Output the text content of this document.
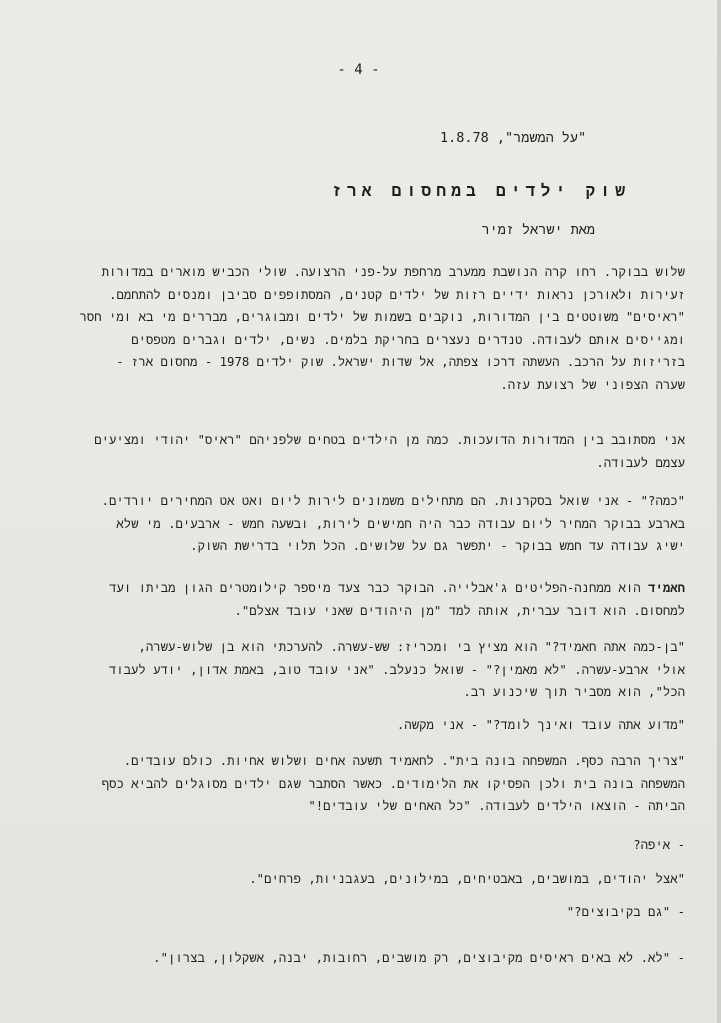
- 4 -
"על המשמר", 1.8.78
שוק ילדים במחסום ארז
מאת ישראל זמיר

שלוש בבוקר. רחו קרה הנושבת ממערב מרחפת על-פני הרצועה. שולי הכביש מוארים במדורות

זעירות ולאורכן נראות ידיים רזות של ילדים קטנים, המסתופפים סביבן ומנסים להתחמם.

"ראיסים" משוטטים בין המדורות, נוקבים בשמות של ילדים ומבוגרים, מבררים מי בא ומי חסר

ומגייסים אותם לעבודה. טנדרים נעצרים בחריקת בלמים. נשים, ילדים וגברים מטפסים

בזריזות על הרכב. העשתה דרכו צפתה, אל שדות ישראל. שוק ילדים 1978 - מחסום ארז -

שערה הצפוני של רצועת עזה.

אני מסתובב בין המדורות הדועכות. כמה מן הילדים בטחים שלפניהם "ראיס" יהודי ומציעים

עצמם לעבודה.

"כמה?" - אני שואל בסקרנות. הם מתחילים משמונים לירות ליום ואט אט המחירים יורדים.

בארבע בבוקר המחיר ליום עבודה כבר היה חמישים לירות, ובשעה חמש - ארבעים. מי שלא

ישיג עבודה עד חמש בבוקר - יתפשר גם על שלושים. הכל תלוי בדרישת השוק.

חאמיד הוא ממחנה-הפליטים ג'אבלייה. הבוקר כבר צעד מיספר קילומטרים הגון מביתו ועד

למחסום. הוא דובר עברית, אותה למד "מן היהודים שאני עובד אצלם".

"בן-כמה אתה חאמיד?" הוא מציץ בי ומכריז: שש-עשרה. להערכתי הוא בן שלוש-עשרה,

אולי ארבע-עשרה. "לא מאמין?" - שואל כנעלב. "אני עובד טוב, באמת אדון, יודע לעבוד

הכל", הוא מסביר תוך שיכנוע רב.

"מדוע אתה עובד ואינך לומד?" - אני מקשה.

"צריך הרבה כסף. המשפחה בונה בית". לחאמיד תשעה אחים ושלוש אחיות. כולם עובדים.

המשפחה בונה בית ולכן הפסיקו את הלימודים. כאשר הסתבר שגם ילדים מסוגלים להביא כסף

הביתה - הוצאו הילדים לעבודה. "כל האחים שלי עובדים!"

- איפה?

"אצל יהודים, במושבים, באבטיחים, במילונים, בעגבניות, פרחים".

- "גם בקיבוצים?"

- "לא. לא באים ראיסים מקיבוצים, רק מושבים, רחובות, יבנה, אשקלון, בצרון".
